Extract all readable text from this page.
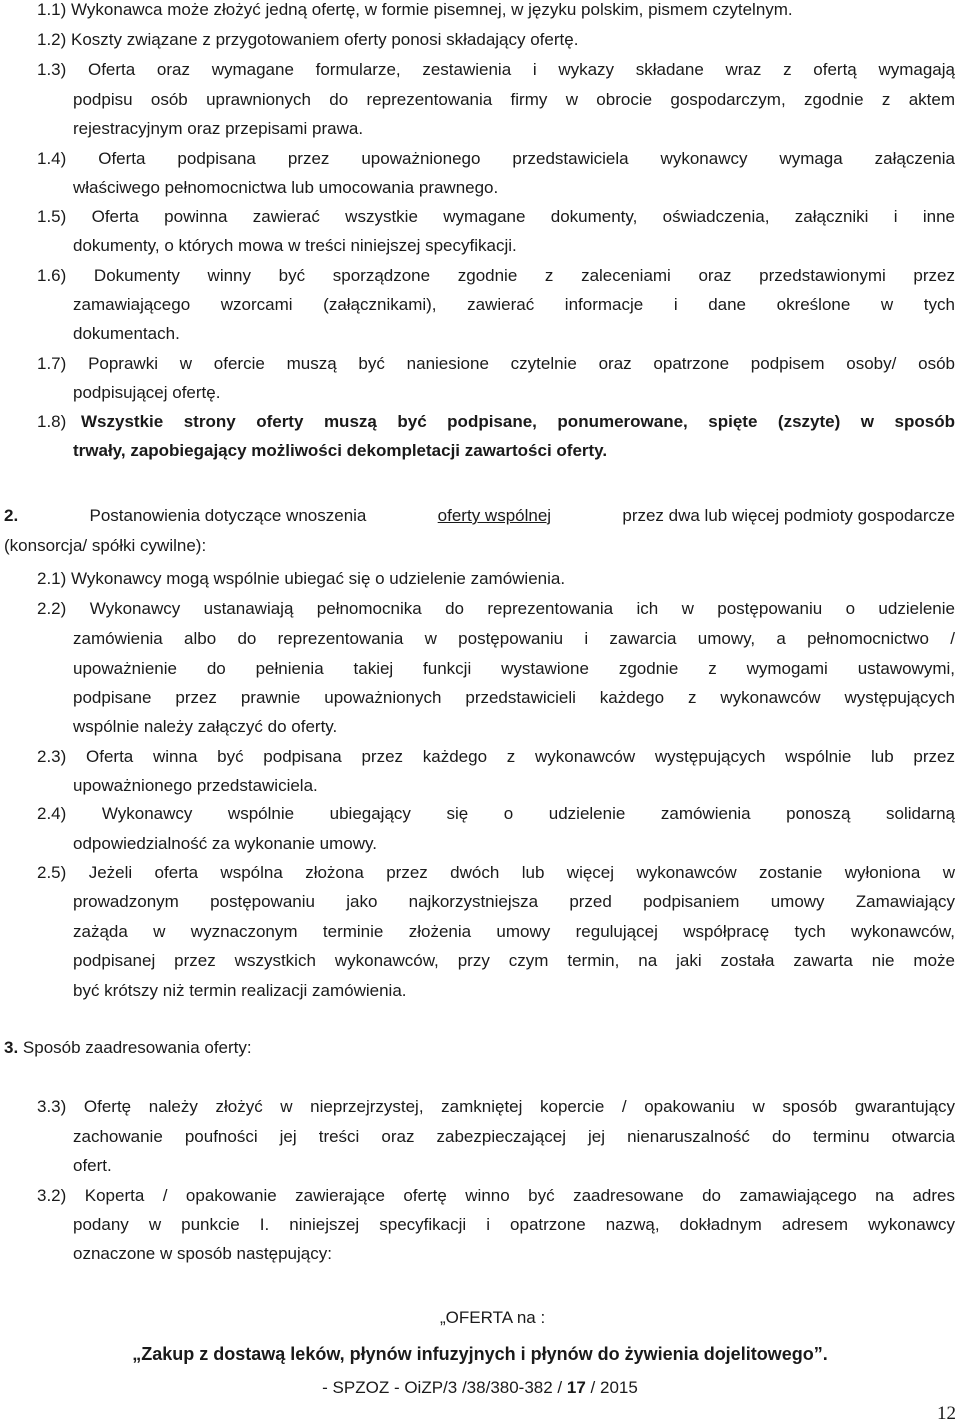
1.1) Wykonawca może złożyć jedną ofertę, w formie pisemnej, w języku polskim, pismem czytelnym.
1.2) Koszty związane z przygotowaniem oferty ponosi składający ofertę.
1.3) Oferta oraz wymagane formularze, zestawienia i wykazy składane wraz z ofertą wymagają
podpisu osób uprawnionych do reprezentowania firmy w obrocie gospodarczym, zgodnie z aktem
rejestracyjnym oraz przepisami prawa.
1.4) Oferta podpisana przez upoważnionego przedstawiciela wykonawcy wymaga załączenia
właściwego pełnomocnictwa lub umocowania prawnego.
1.5) Oferta powinna zawierać wszystkie wymagane dokumenty, oświadczenia, załączniki i inne
dokumenty, o których mowa w treści niniejszej specyfikacji.
1.6) Dokumenty winny być sporządzone zgodnie z zaleceniami oraz przedstawionymi przez
zamawiającego wzorcami (załącznikami), zawierać informacje i dane określone w tych
dokumentach.
1.7) Poprawki w ofercie muszą być naniesione czytelnie oraz opatrzone podpisem osoby/ osób
podpisującej ofertę.
1.8) Wszystkie strony oferty muszą być podpisane, ponumerowane, spięte (zszyte) w sposób
trwały, zapobiegający możliwości dekompletacji zawartości oferty.
2.	Postanowienia dotyczące wnoszenia	oferty wspólnej	przez dwa lub więcej podmioty gospodarcze
(konsorcja/ spółki cywilne):
2.1) Wykonawcy mogą wspólnie ubiegać się o udzielenie zamówienia.
2.2) Wykonawcy ustanawiają pełnomocnika do reprezentowania ich w postępowaniu o udzielenie
zamówienia albo do reprezentowania w postępowaniu i zawarcia umowy, a pełnomocnictwo /
upoważnienie do pełnienia takiej funkcji wystawione zgodnie z wymogami ustawowymi,
podpisane przez prawnie upoważnionych przedstawicieli każdego z wykonawców występujących
wspólnie należy załączyć do oferty.
2.3) Oferta winna być podpisana przez każdego z wykonawców występujących wspólnie lub przez
upoważnionego przedstawiciela.
2.4) Wykonawcy wspólnie ubiegający się o udzielenie zamówienia ponoszą solidarną
odpowiedzialność za wykonanie umowy.
2.5) Jeżeli oferta wspólna złożona przez dwóch lub więcej wykonawców zostanie wyłoniona w
prowadzonym postępowaniu jako najkorzystniejsza przed podpisaniem umowy Zamawiający
zażąda w wyznaczonym terminie złożenia umowy regulującej współpracę tych wykonawców,
podpisanej przez wszystkich wykonawców, przy czym termin, na jaki została zawarta nie może
być krótszy niż termin realizacji zamówienia.
3. Sposób zaadresowania oferty:
3.3) Ofertę należy złożyć w nieprzejrzystej, zamkniętej kopercie / opakowaniu w sposób gwarantujący
zachowanie poufności jej treści oraz zabezpieczającej jej nienaruszalność do terminu otwarcia
ofert.
3.2) Koperta / opakowanie zawierające ofertę winno być zaadresowane do zamawiającego na adres
podany w punkcie I. niniejszej specyfikacji i opatrzone nazwą, dokładnym adresem wykonawcy
oznaczone w sposób następujący:
„OFERTA na :
„Zakup z dostawą leków, płynów infuzyjnych i płynów do żywienia dojelitowego”.
- SPZOZ - OiZP/3 /38/380-382 / 17 / 2015
12
